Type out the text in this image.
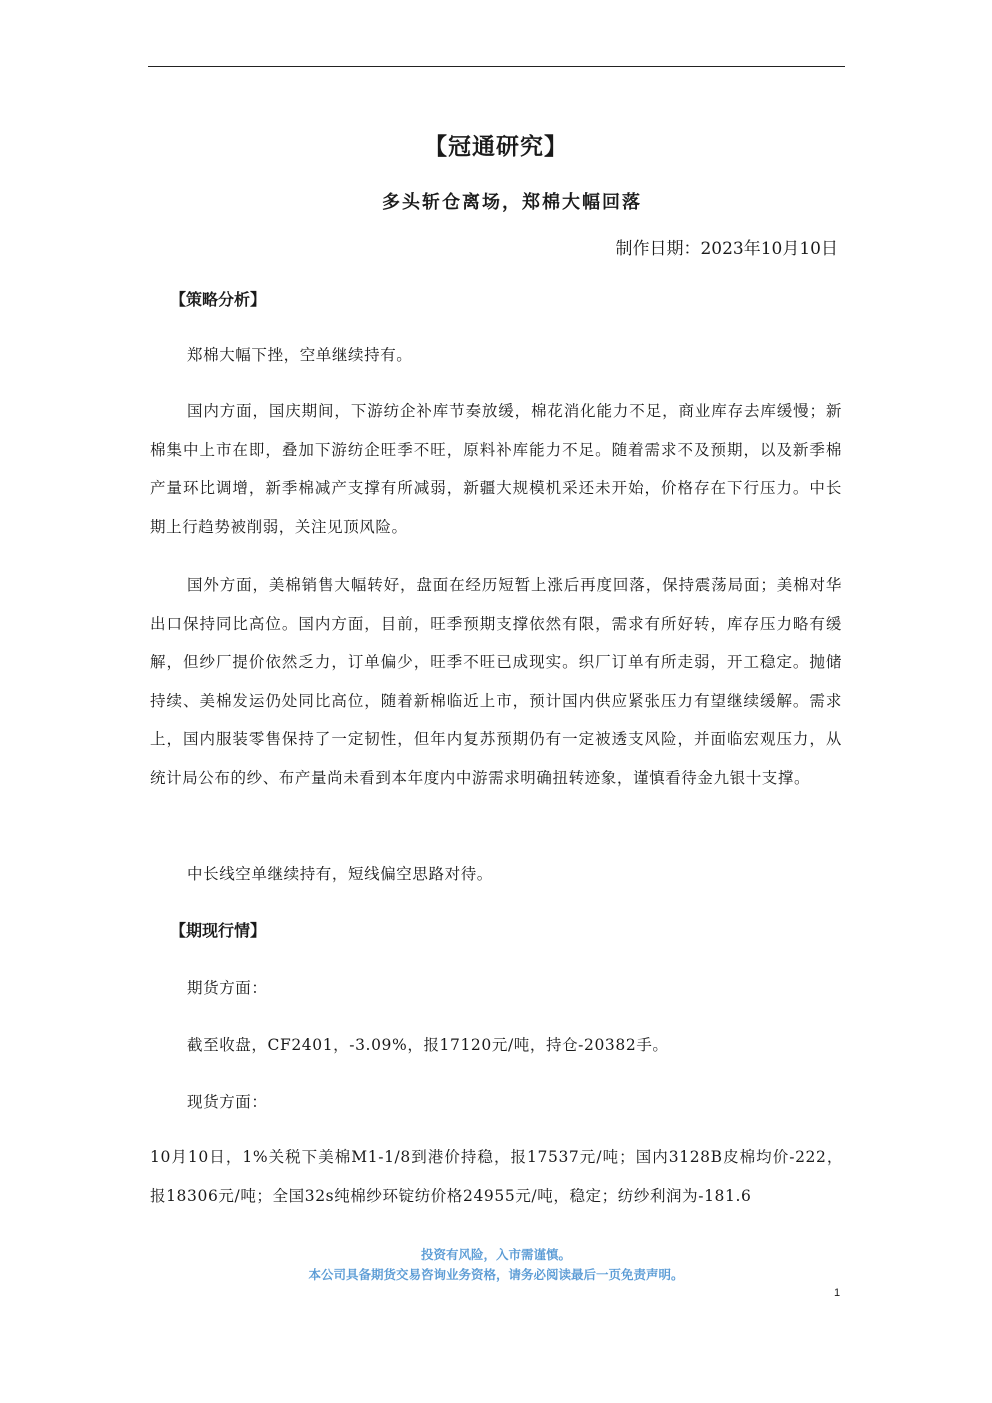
【冠通研究】
多头斩仓离场，郑棉大幅回落
制作日期：2023年10月10日
【策略分析】
郑棉大幅下挫，空单继续持有。
国内方面，国庆期间，下游纺企补库节奏放缓，棉花消化能力不足，商业库存去库缓慢；新棉集中上市在即，叠加下游纺企旺季不旺，原料补库能力不足。随着需求不及预期，以及新季棉产量环比调增，新季棉减产支撑有所减弱，新疆大规模机采还未开始，价格存在下行压力。中长期上行趋势被削弱，关注见顶风险。
国外方面，美棉销售大幅转好，盘面在经历短暂上涨后再度回落，保持震荡局面；美棉对华出口保持同比高位。国内方面，目前，旺季预期支撑依然有限，需求有所好转，库存压力略有缓解，但纱厂提价依然乏力，订单偏少，旺季不旺已成现实。织厂订单有所走弱，开工稳定。抛储持续、美棉发运仍处同比高位，随着新棉临近上市，预计国内供应紧张压力有望继续缓解。需求上，国内服装零售保持了一定韧性，但年内复苏预期仍有一定被透支风险，并面临宏观压力，从统计局公布的纱、布产量尚未看到本年度内中游需求明确扭转迹象，谨慎看待金九银十支撑。
中长线空单继续持有，短线偏空思路对待。
【期现行情】
期货方面：
截至收盘，CF2401，-3.09%，报17120元/吨，持仓-20382手。
现货方面：
10月10日，1%关税下美棉M1-1/8到港价持稳，报17537元/吨；国内3128B皮棉均价-222，报18306元/吨；全国32s纯棉纱环锭纺价格24955元/吨，稳定；纺纱利润为-181.6
投资有风险，入市需谨慎。
本公司具备期货交易咨询业务资格，请务必阅读最后一页免责声明。
1
